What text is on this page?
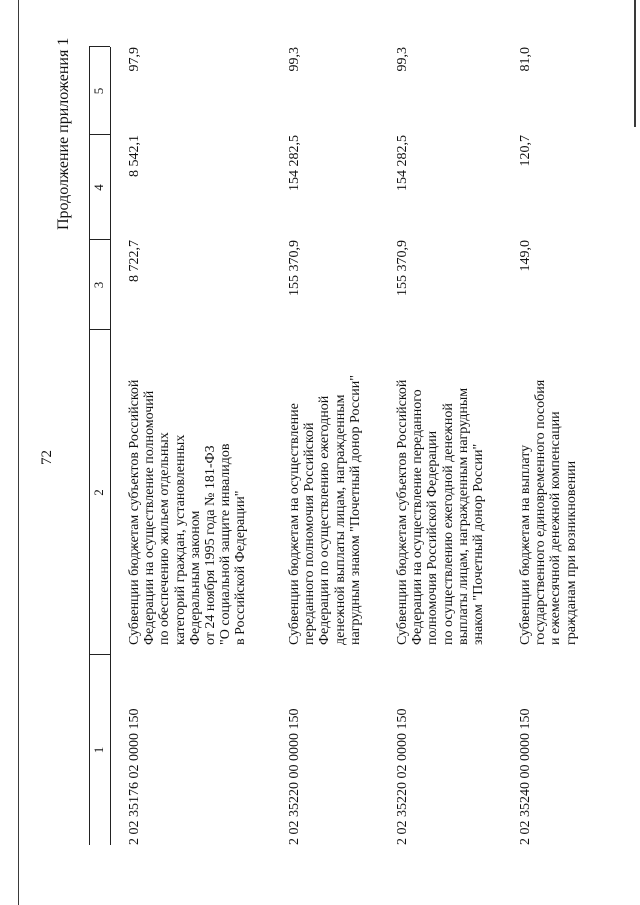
72
Продолжение приложения 1
1
2
3
4
5
2 02 35176 02 0000 150
Субвенции бюджетам субъектов Российской
Федерации на осуществление полномочий
по обеспечению жильем отдельных
категорий граждан, установленных
Федеральным законом
от 24 ноября 1995 года № 181-ФЗ
"О социальной защите инвалидов
в Российской Федерации"
8 722,7
8 542,1
97,9
2 02 35220 00 0000 150
Субвенции бюджетам на осуществление
переданного полномочия Российской
Федерации по осуществлению ежегодной
денежной выплаты лицам, награжденным
нагрудным знаком "Почетный донор России"
155 370,9
154 282,5
99,3
2 02 35220 02 0000 150
Субвенции бюджетам субъектов Российской
Федерации на осуществление переданного
полномочия Российской Федерации
по осуществлению ежегодной денежной
выплаты лицам, награжденным нагрудным
знаком "Почетный донор России"
155 370,9
154 282,5
99,3
2 02 35240 00 0000 150
Субвенции бюджетам на выплату
государственного единовременного пособия
и ежемесячной денежной компенсации
гражданам при возникновении
149,0
120,7
81,0
